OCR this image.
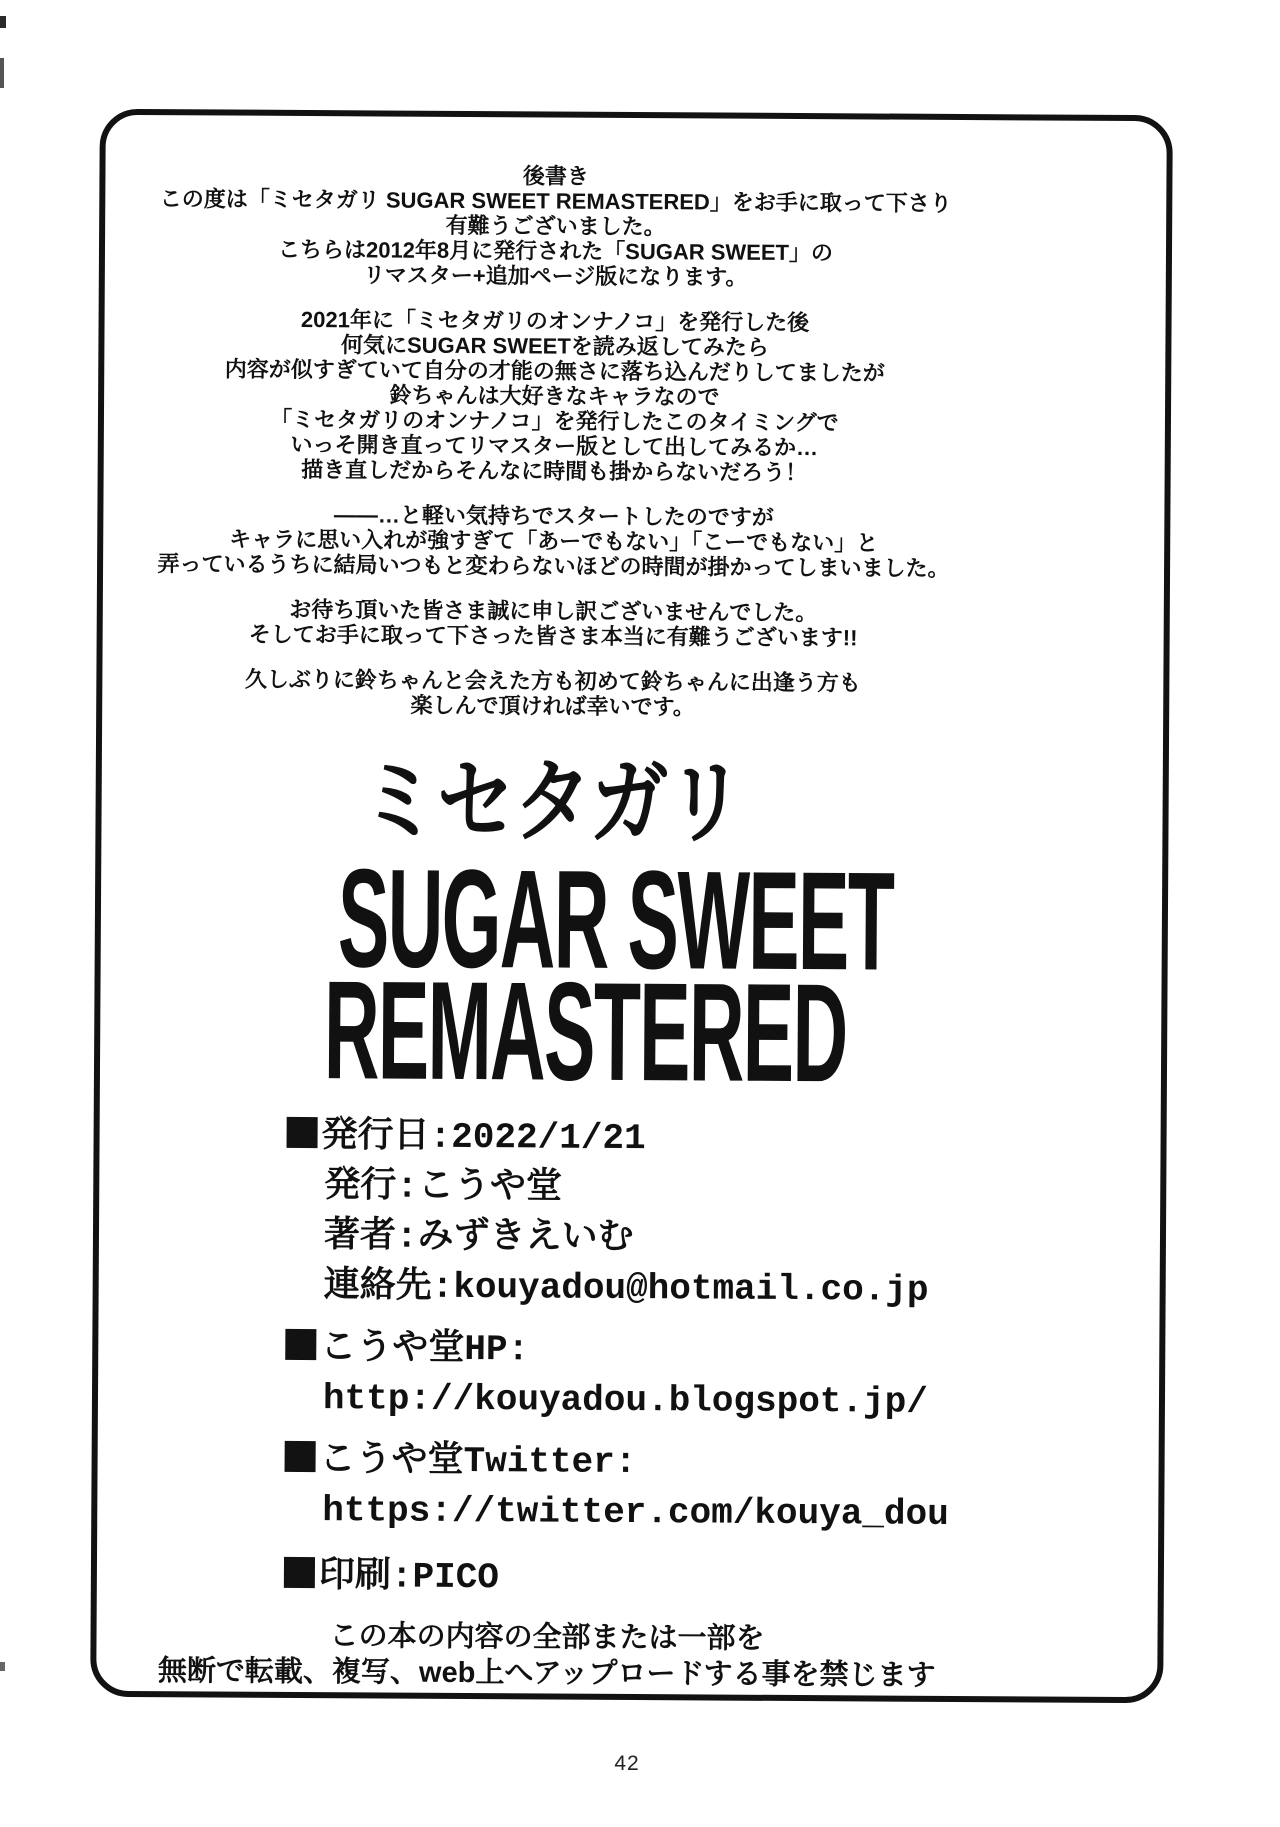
後書き
この度は「ミセタガリ SUGAR SWEET REMASTERED」をお手に取って下さり
有難うございました。
こちらは2012年8月に発行された「SUGAR SWEET」の
リマスター+追加ページ版になります。
2021年に「ミセタガリのオンナノコ」を発行した後
何気にSUGAR SWEETを読み返してみたら
内容が似すぎていて自分の才能の無さに落ち込んだりしてましたが
鈴ちゃんは大好きなキャラなので
「ミセタガリのオンナノコ」を発行したこのタイミングで
いっそ開き直ってリマスター版として出してみるか…
描き直しだからそんなに時間も掛からないだろう！
——…と軽い気持ちでスタートしたのですが
キャラに思い入れが強すぎて「あーでもない」「こーでもない」と
弄っているうちに結局いつもと変わらないほどの時間が掛かってしまいました。
お待ち頂いた皆さま誠に申し訳ございませんでした。
そしてお手に取って下さった皆さま本当に有難うございます!!
久しぶりに鈴ちゃんと会えた方も初めて鈴ちゃんに出逢う方も
楽しんで頂ければ幸いです。
ミセタガリ
SUGAR SWEET
REMASTERED
発行日:2022/1/21
発行:こうや堂
著者:みずきえいむ
連絡先:kouyadou@hotmail.co.jp
こうや堂HP:
http://kouyadou.blogspot.jp/
こうや堂Twitter:
https://twitter.com/kouya_dou
印刷:PICO
この本の内容の全部または一部を
無断で転載、複写、web上へアップロードする事を禁じます
42
